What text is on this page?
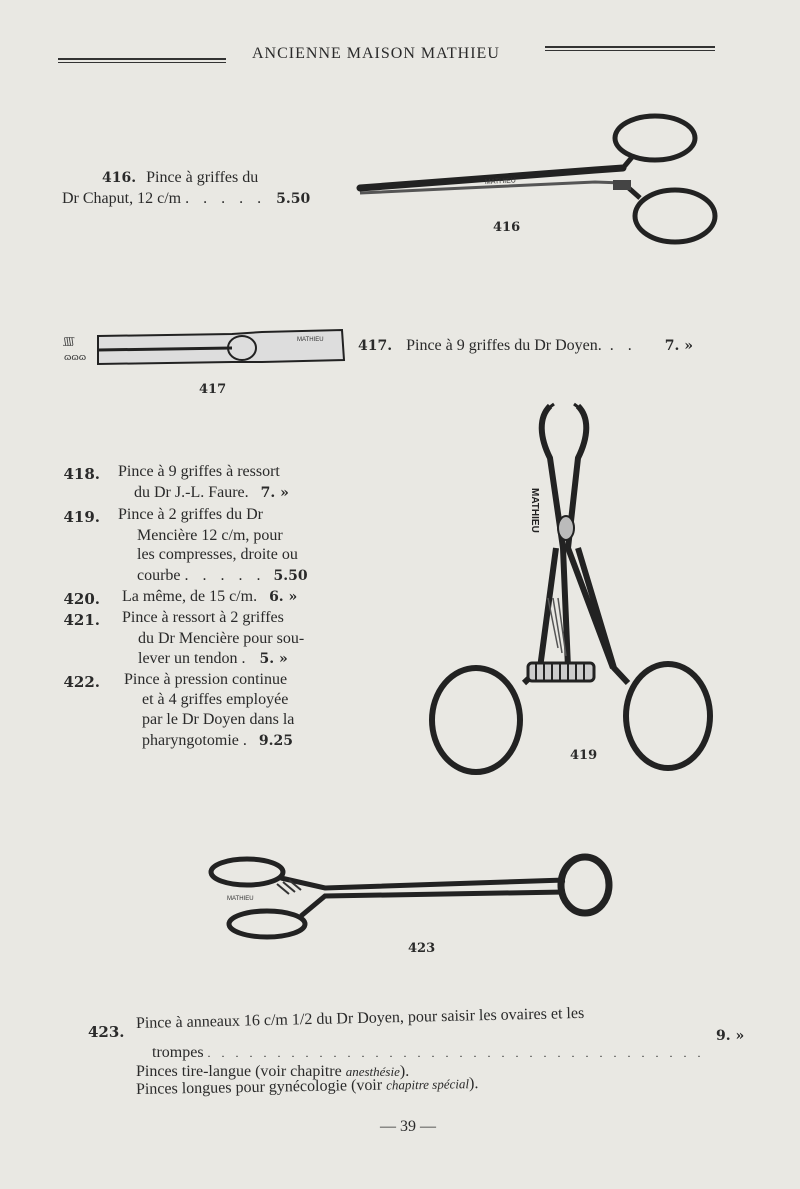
ANCIENNE MAISON MATHIEU
416. Pince à griffes du
Dr Chaput, 12 c/m . . . . . 5.50
MATHIEU
416
ʃʃʃʃ
ɷɷɷ
MATHIEU
417
417. Pince à 9 griffes du Dr Doyen. . . 7. »
418. Pince à 9 griffes à ressort
du Dr J.-L. Faure. 7. »
419. Pince à 2 griffes du Dr
Mencière 12 c/m, pour
les compresses, droite ou
courbe . . . . . 5.50
420. La même, de 15 c/m. 6. »
421. Pince à ressort à 2 griffes
du Dr Mencière pour sou-
lever un tendon . 5. »
422. Pince à pression continue
et à 4 griffes employée
par le Dr Doyen dans la
pharyngotomie . 9.25
MATHIEU
419
MATHIEU
423
423.
Pince à anneaux 16 c/m 1/2 du Dr Doyen, pour saisir les ovaires et les
trompes . . . . . . . . . . . . . . . . . . . . . . . . . . . . . . . . . . . .
9. »
Pinces tire-langue (voir chapitre anesthésie).
Pinces longues pour gynécologie (voir chapitre spécial).
— 39 —
